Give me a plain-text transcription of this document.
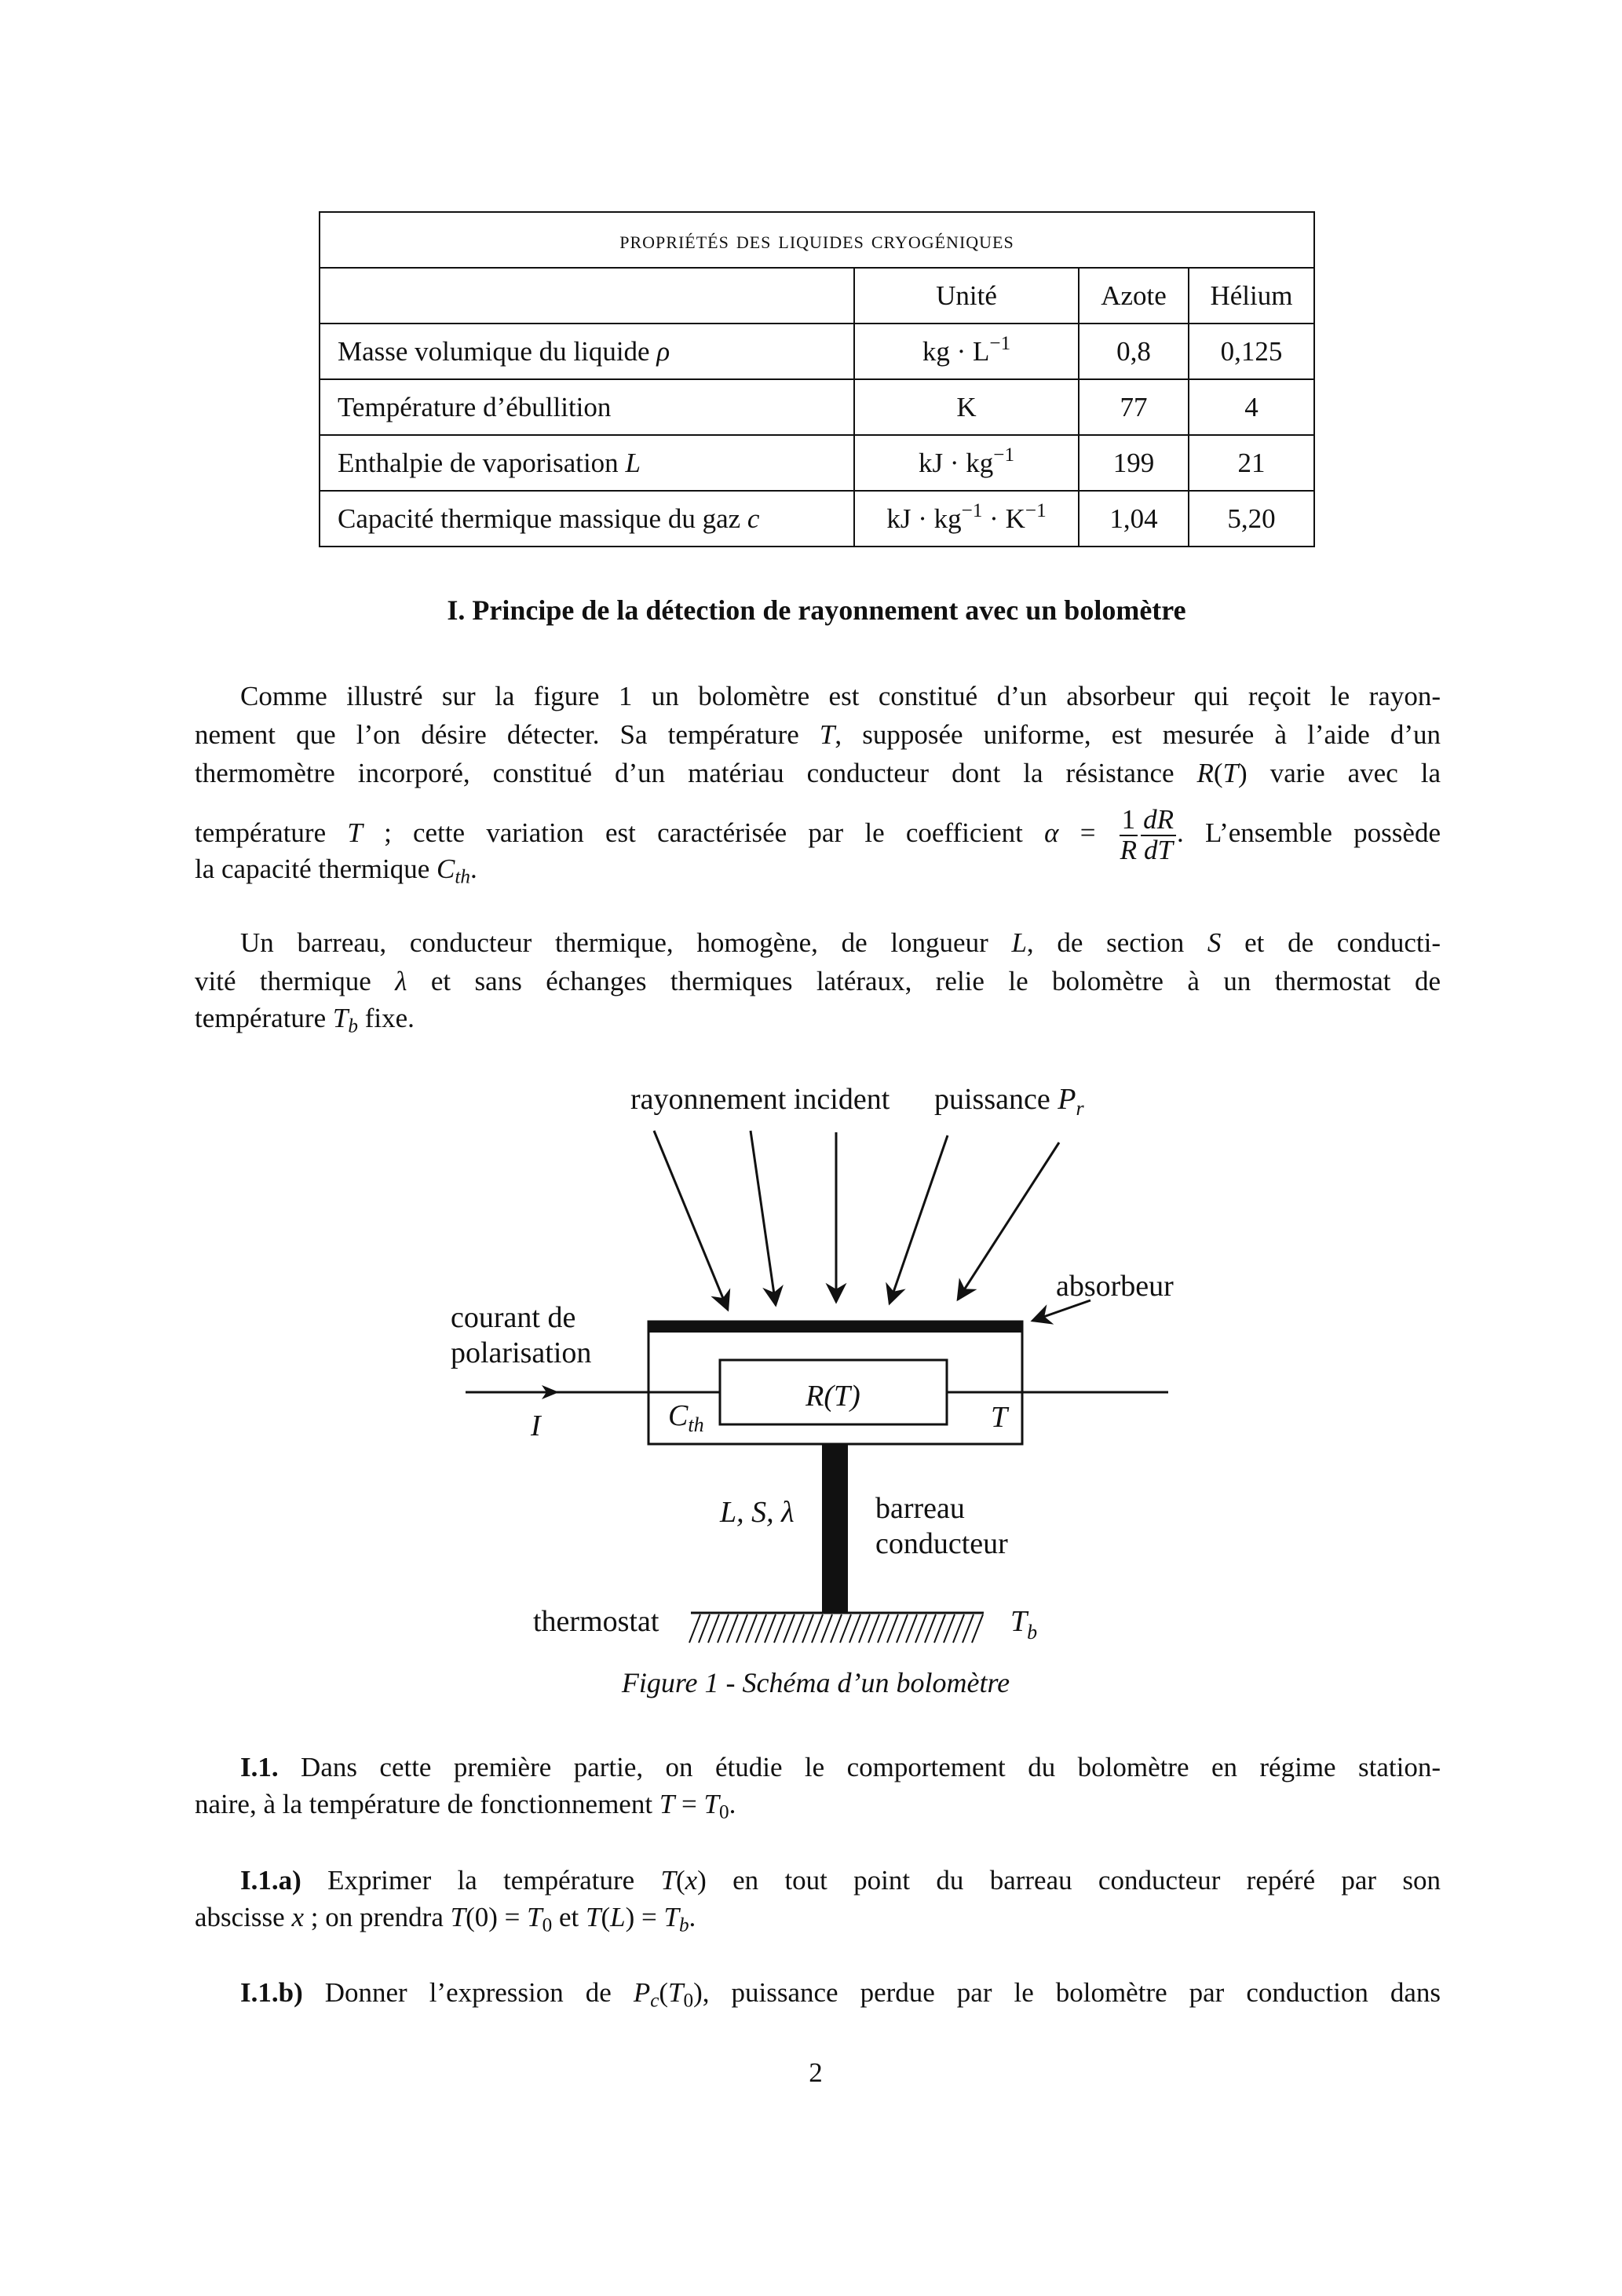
propriétés des liquides cryogéniques			
	Unité	Azote	Hélium
Masse volumique du liquide ρ	kg · $L^{-1}$	0,8	0,125
Température d’ébullition	K	77	4
Enthalpie de vaporisation L	kJ · $kg^{-1}$	199	21
Capacité thermique massique du gaz c	kJ · $kg^{-1} \cdot K^{-1}$	1,04	5,20
I. Principe de la détection de rayonnement avec un bolomètre
Comme illustré sur la figure 1 un bolomètre est constitué d’un absorbeur qui reçoit le rayon-
nement que l’on désire détecter. Sa température T, supposée uniforme, est mesurée à l’aide d’un
thermomètre incorporé, constitué d’un matériau conducteur dont la résistance R(T) varie avec la
température T ; cette variation est caractérisée par le coefficient $\alpha = \frac{1}{R} \frac{dR}{dT}$ . L’ensemble possède
la capacité thermique $C_{th}$.
Un barreau, conducteur thermique, homogène, de longueur L, de section S et de conducti-
vité thermique λ et sans échanges thermiques latéraux, relie le bolomètre à un thermostat de
température $T_b$ fixe.
rayonnement incident puissance $P_r$
absorbeur
courant de
polarisation
I	$C_{th}$
R(T)
T
L, S, λ	barreau
conducteur
thermostat	$T_b$
Figure 1 - Schéma d’un bolomètre
I.1. Dans cette première partie, on étudie le comportement du bolomètre en régime station-
naire, à la température de fonctionnement $T = T_0$.
I.1.a) Exprimer la température T(x) en tout point du barreau conducteur repéré par son
abscisse x ; on prendra $T(0) = T_0$ et $T(L) = T_b$.
I.1.b) Donner l’expression de $P_c(T_0)$, puissance perdue par le bolomètre par conduction dans
2
